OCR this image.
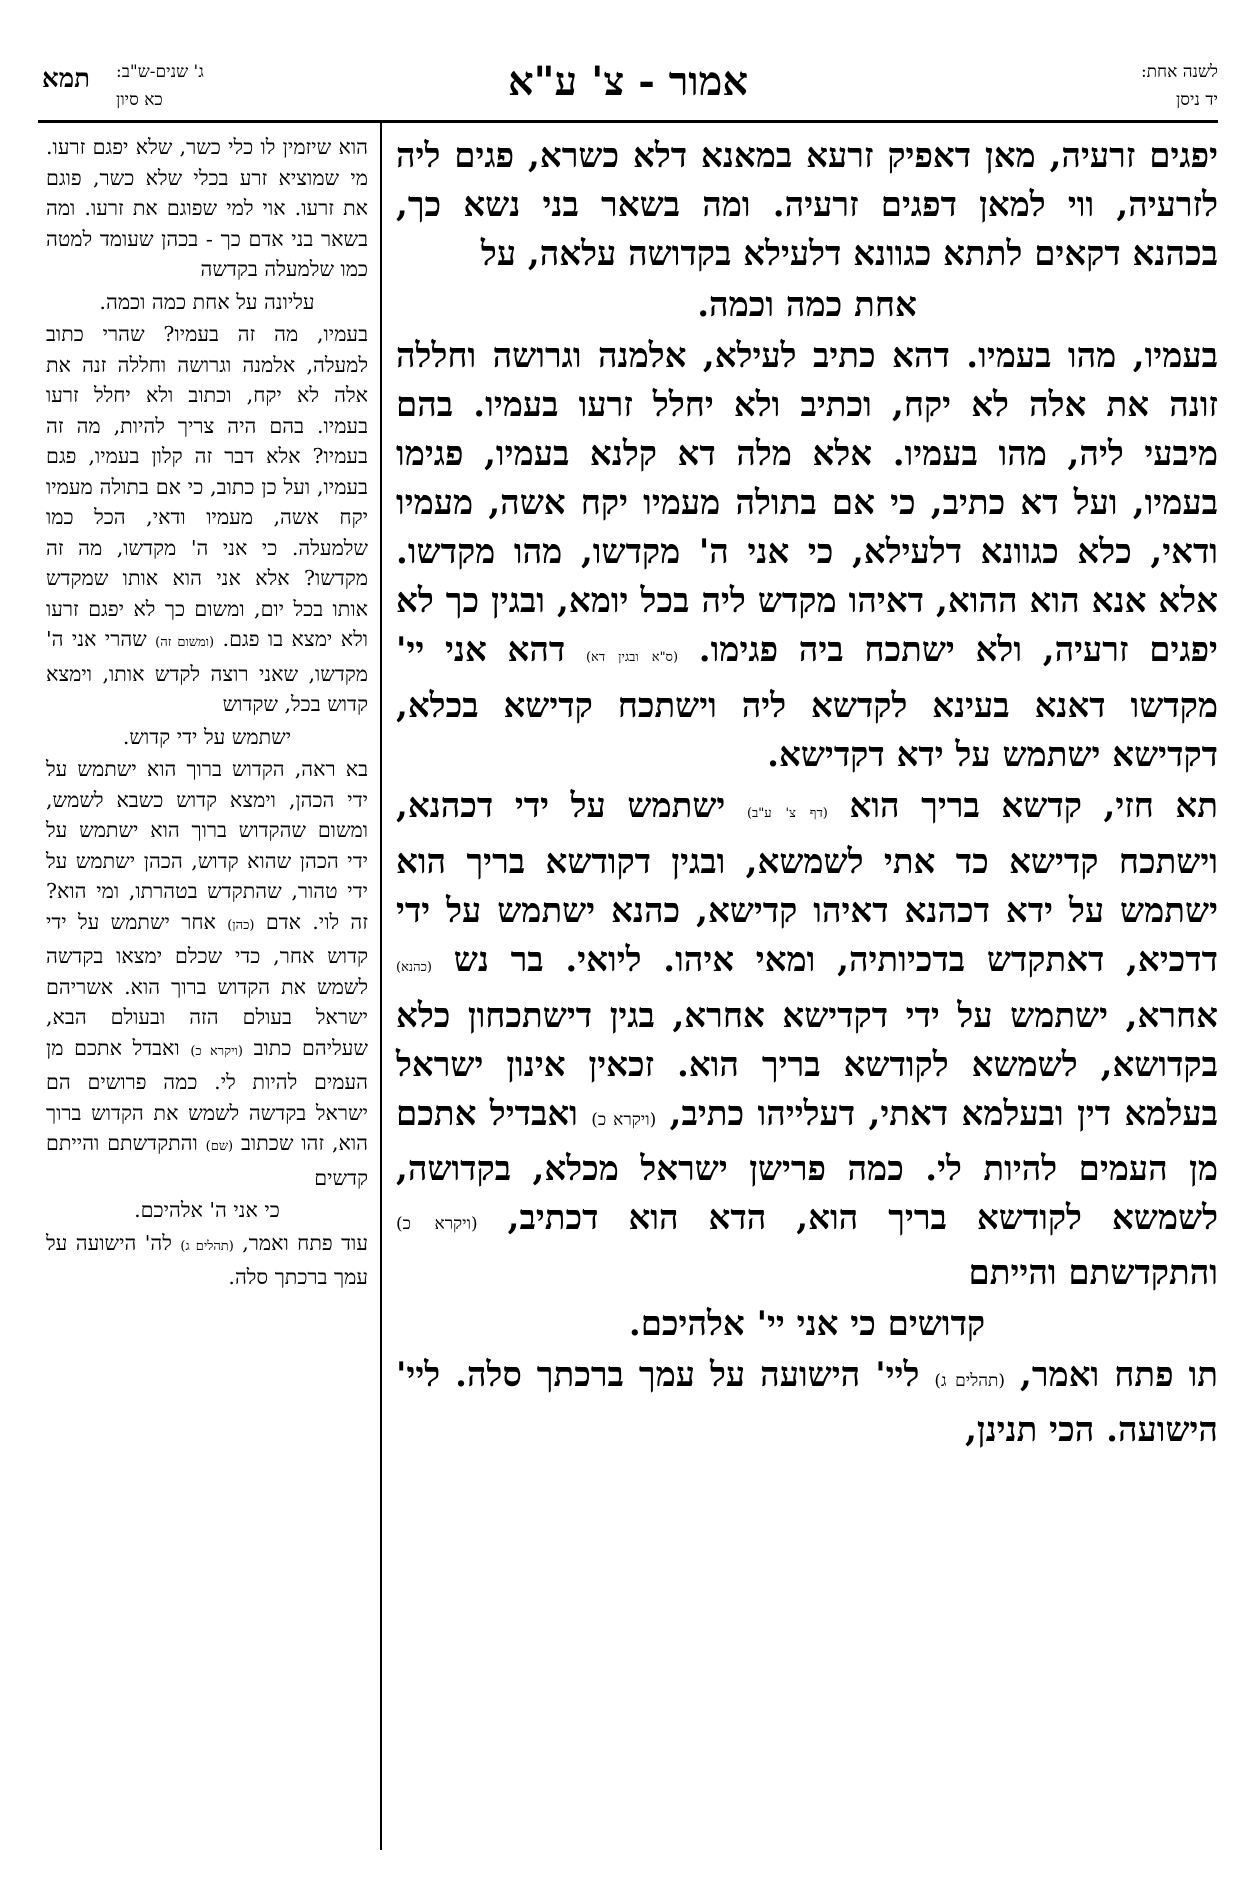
לשנה אחת:
יד ניסן
אמור - צ' ע"א
ג' שנים-ש"ב:
כא סיון
תמא

יפגים זרעיה, מאן דאפיק זרעא במאנא דלא כשרא, פגים ליה לזרעיה, ווי למאן דפגים זרעיה. ומה בשאר בני נשא כך, בכהנא דקאים לתתא כגוונא דלעילא בקדושה עלאה, על

אחת כמה וכמה.

בעמיו, מהו בעמיו. דהא כתיב לעילא, אלמנה וגרושה וחללה זונה את אלה לא יקח, וכתיב ולא יחלל זרעו בעמיו. בהם מיבעי ליה, מהו בעמיו. אלא מלה דא קלנא בעמיו, פגימו בעמיו, ועל דא כתיב, כי אם בתולה מעמיו יקח אשה, מעמיו ודאי, כלא כגוונא דלעילא, כי אני ה' מקדשו, מהו מקדשו. אלא אנא הוא ההוא, דאיהו מקדש ליה בכל יומא, ובגין כך לא יפגים זרעיה, ולא ישתכח ביה פגימו. (ס"א ובגין דא) דהא אני יי' מקדשו דאנא בעינא לקדשא ליה וישתכח קדישא בכלא, דקדישא ישתמש על ידא דקדישא.

תא חזי, קדשא בריך הוא (דף צ' ע"ב) ישתמש על ידי דכהנא, וישתכח קדישא כד אתי לשמשא, ובגין דקודשא בריך הוא ישתמש על ידא דכהנא דאיהו קדישא, כהנא ישתמש על ידי דדכיא, דאתקדש בדכיותיה, ומאי איהו. ליואי. בר נש (כהנא) אחרא, ישתמש על ידי דקדישא אחרא, בגין דישתכחון כלא בקדושא, לשמשא לקודשא בריך הוא. זכאין אינון ישראל בעלמא דין ובעלמא דאתי, דעלייהו כתיב, (ויקרא כ) ואבדיל אתכם מן העמים להיות לי. כמה פרישן ישראל מכלא, בקדושה, לשמשא לקודשא בריך הוא, הדא הוא דכתיב, (ויקרא כ) והתקדשתם והייתם

קדושים כי אני יי' אלהיכם.

תו פתח ואמר, (תהלים ג) ליי' הישועה על עמך ברכתך סלה. ליי' הישועה. הכי תנינן,

הוא שיזמין לו כלי כשר, שלא יפגם זרעו. מי שמוציא זרע בכלי שלא כשר, פוגם את זרעו. אוי למי שפוגם את זרעו. ומה בשאר בני אדם כך - בכהן שעומד למטה כמו שלמעלה בקדשה

עליונה על אחת כמה וכמה.

בעמיו, מה זה בעמיו? שהרי כתוב למעלה, אלמנה וגרושה וחללה זנה את אלה לא יקח, וכתוב ולא יחלל זרעו בעמיו. בהם היה צריך להיות, מה זה בעמיו? אלא דבר זה קלון בעמיו, פגם בעמיו, ועל כן כתוב, כי אם בתולה מעמיו יקח אשה, מעמיו ודאי, הכל כמו שלמעלה. כי אני ה' מקדשו, מה זה מקדשו? אלא אני הוא אותו שמקדש אותו בכל יום, ומשום כך לא יפגם זרעו ולא ימצא בו פגם. (ומשום זה) שהרי אני ה' מקדשו, שאני רוצה לקדש אותו, וימצא קדוש בכל, שקדוש

ישתמש על ידי קדוש.

בא ראה, הקדוש ברוך הוא ישתמש על ידי הכהן, וימצא קדוש כשבא לשמש, ומשום שהקדוש ברוך הוא ישתמש על ידי הכהן שהוא קדוש, הכהן ישתמש על ידי טהור, שהתקדש בטהרתו, ומי הוא? זה לוי. אדם (כהן) אחר ישתמש על ידי קדוש אחר, כדי שכלם ימצאו בקדשה לשמש את הקדוש ברוך הוא. אשריהם ישראל בעולם הזה ובעולם הבא, שעליהם כתוב (ויקרא כ) ואבדל אתכם מן העמים להיות לי. כמה פרושים הם ישראל בקדשה לשמש את הקדוש ברוך הוא, זהו שכתוב (שם) והתקדשתם והייתם קדשים

כי אני ה' אלהיכם.

עוד פתח ואמר, (תהלים ג) לה' הישועה על עמך ברכתך סלה.
